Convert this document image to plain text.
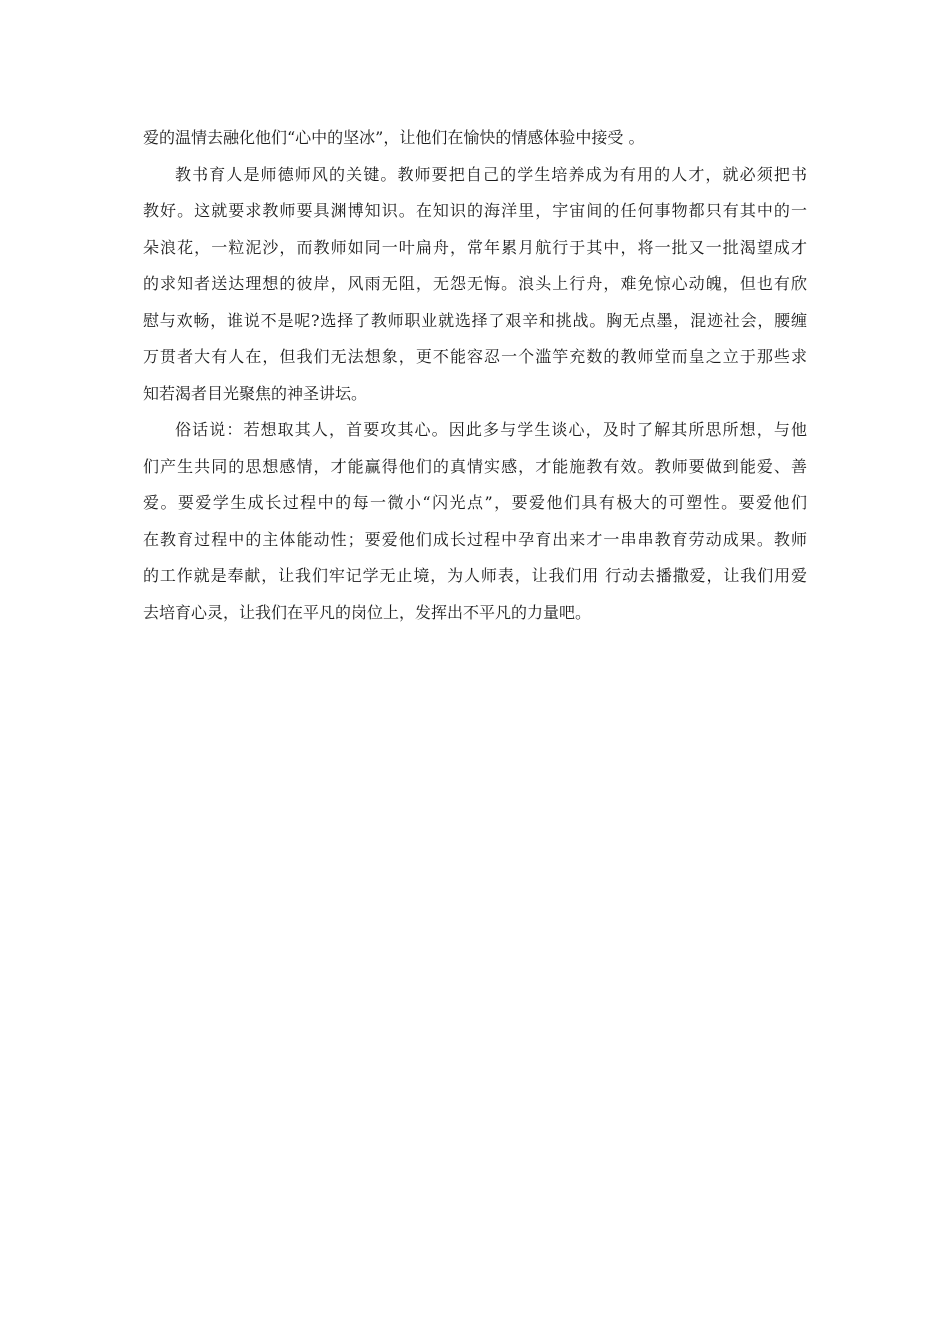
爱的温情去融化他们“心中的坚冰”，让他们在愉快的情感体验中接受 。
教书育人是师德师风的关键。教师要把自己的学生培养成为有用的人才，就必须把书
教好。这就要求教师要具渊博知识。在知识的海洋里，宇宙间的任何事物都只有其中的一
朵浪花，一粒泥沙，而教师如同一叶扁舟，常年累月航行于其中，将一批又一批渴望成才
的求知者送达理想的彼岸，风雨无阻，无怨无悔。浪头上行舟，难免惊心动魄，但也有欣
慰与欢畅，谁说不是呢?选择了教师职业就选择了艰辛和挑战。胸无点墨，混迹社会，腰缠
万贯者大有人在，但我们无法想象，更不能容忍一个滥竽充数的教师堂而皇之立于那些求
知若渴者目光聚焦的神圣讲坛。
俗话说：若想取其人，首要攻其心。因此多与学生谈心，及时了解其所思所想，与他
们产生共同的思想感情，才能赢得他们的真情实感，才能施教有效。教师要做到能爱、善
爱。要爱学生成长过程中的每一微小“闪光点”，要爱他们具有极大的可塑性。要爱他们
在教育过程中的主体能动性；要爱他们成长过程中孕育出来才一串串教育劳动成果。教师
的工作就是奉献，让我们牢记学无止境，为人师表，让我们用 行动去播撒爱，让我们用爱
去培育心灵，让我们在平凡的岗位上，发挥出不平凡的力量吧。
